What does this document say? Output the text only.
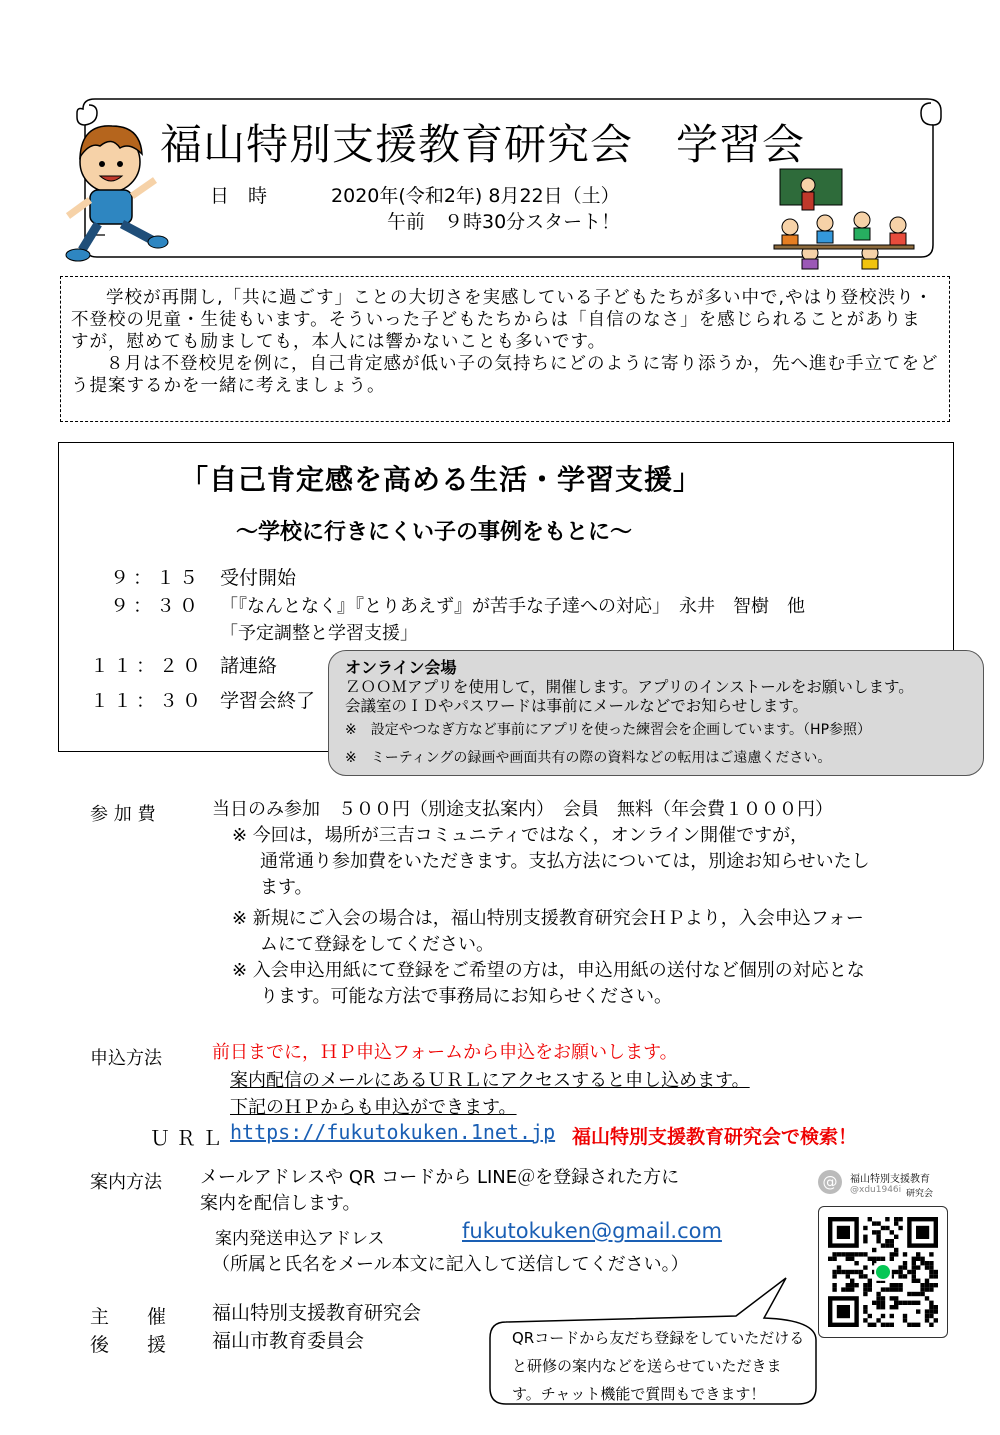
福山特別支援教育研究会　学習会
日　時	2020年(令和2年) 8月22日（土）
午前　９時30分スタート！

学校が再開し,「共に過ごす」ことの大切さを実感している子どもたちが多い中で,やはり登校渋り・不登校の児童・生徒もいます。そういった子どもたちからは「自信のなさ」を感じられることがありますが，慰めても励ましても，本人には響かないことも多いです。

８月は不登校児を例に，自己肯定感が低い子の気持ちにどのように寄り添うか，先へ進む手立てをどう提案するかを一緒に考えましょう。

「自己肯定感を高める生活・学習支援」
～学校に行きにくい子の事例をもとに～
９：１５ 受付開始
９：３０ 「『なんとなく』『とりあえず』が苦手な子達への対応」　永井　智樹　他
「予定調整と学習支援」
１１：２０ 諸連絡
１１：３０ 学習会終了

オンライン会場

ＺＯＯＭアプリを使用して，開催します。アプリのインストールをお願いします。

会議室のＩＤやパスワードは事前にメールなどでお知らせします。

※　設定やつなぎ方など事前にアプリを使った練習会を企画しています。（HP参照）

※　ミーティングの録画や画面共有の際の資料などの転用はご遠慮ください。

参 加 費	当日のみ参加　５００円（別途支払案内）　会員　無料（年会費１０００円）
※ 今回は，場所が三吉コミュニティではなく，オンライン開催ですが，
通常通り参加費をいただきます。支払方法については，別途お知らせいたし
ます。
※ 新規にご入会の場合は，福山特別支援教育研究会ＨＰより，入会申込フォー
ムにて登録をしてください。
※ 入会申込用紙にて登録をご希望の方は，申込用紙の送付など個別の対応とな
ります。可能な方法で事務局にお知らせください。
申込方法	前日までに，ＨＰ申込フォームから申込をお願いします。
案内配信のメールにあるＵＲＬにアクセスすると申し込めます。
下記のＨＰからも申込ができます。
ＵＲＬ https://fukutokuken.1net.jp 福山特別支援教育研究会で検索！
案内方法 メールアドレスや QR コードから LINE＠を登録された方に
案内を配信します。
案内発送申込アドレス	fukutokuken@gmail.com
（所属と氏名をメール本文に記入して送信してください。）
@	福山特別支援教育
@xdu1946i 研究会
主　　催 福山特別支援教育研究会
後　　援 福山市教育委員会	QRコードから友だち登録をしていただける
と研修の案内などを送らせていただきま
す。チャット機能で質問もできます！
